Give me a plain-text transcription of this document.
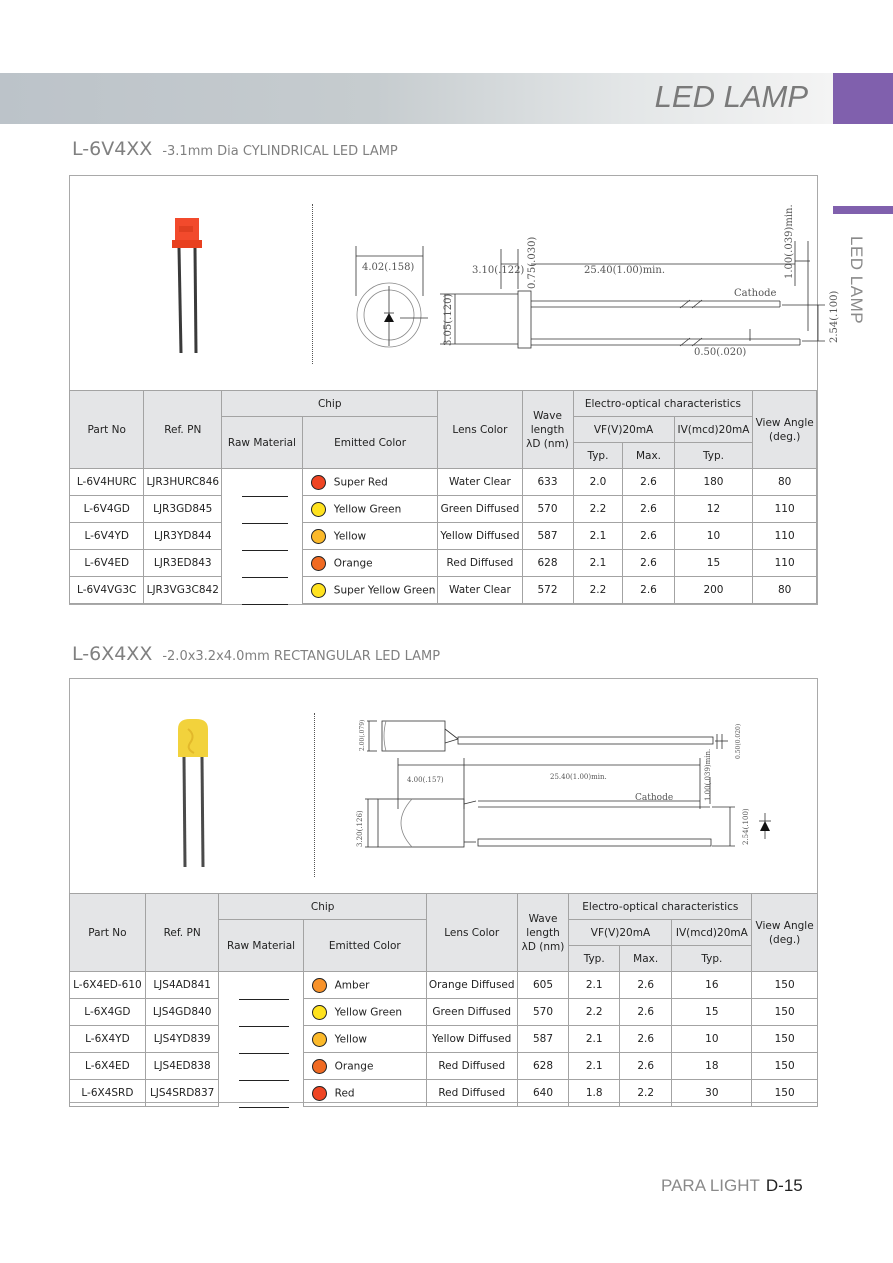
LED LAMP
LED LAMP
L-6V4XX -3.1mm Dia CYLINDRICAL LED LAMP
4.02(.158)
3.05(.120)
3.10(.122) 0.75(.030)	25.40(1.00)min.	1.00(.039)min.
2.54(.100)
0.50(.020)
Cathode
Part No	Ref. PN	Chip		Lens Color	Wave length λD (nm)	Electro-optical characteristics			View Angle (deg.)
		Raw Material	Emitted Color			VF(V)20mA		IV(mcd)20mA	
						Typ.	Max.	Typ.	
L-6V4HURC	LJR3HURC846		Super Red	Water Clear	633	2.0	2.6	180	80
L-6V4GD	LJR3GD845		Yellow Green	Green Diffused	570	2.2	2.6	12	110
L-6V4YD	LJR3YD844		Yellow	Yellow Diffused	587	2.1	2.6	10	110
L-6V4ED	LJR3ED843		Orange	Red Diffused	628	2.1	2.6	15	110
L-6V4VG3C	LJR3VG3C842		Super Yellow Green	Water Clear	572	2.2	2.6	200	80
L-6X4XX -2.0x3.2x4.0mm RECTANGULAR LED LAMP
2.00(.079)
4.00(.157)
3.20(.126)
25.40(1.00)min.	1.00(.039)min.
0.50(0.020)
2.54(.100)
Cathode
Part No	Ref. PN	Chip		Lens Color	Wave length λD (nm)	Electro-optical characteristics			View Angle (deg.)
		Raw Material	Emitted Color			VF(V)20mA		IV(mcd)20mA	
						Typ.	Max.	Typ.	
L-6X4ED-610	LJS4AD841		Amber	Orange Diffused	605	2.1	2.6	16	150
L-6X4GD	LJS4GD840		Yellow Green	Green Diffused	570	2.2	2.6	15	150
L-6X4YD	LJS4YD839		Yellow	Yellow Diffused	587	2.1	2.6	10	150
L-6X4ED	LJS4ED838		Orange	Red Diffused	628	2.1	2.6	18	150
L-6X4SRD	LJS4SRD837		Red	Red Diffused	640	1.8	2.2	30	150
PARA LIGHT D-15
